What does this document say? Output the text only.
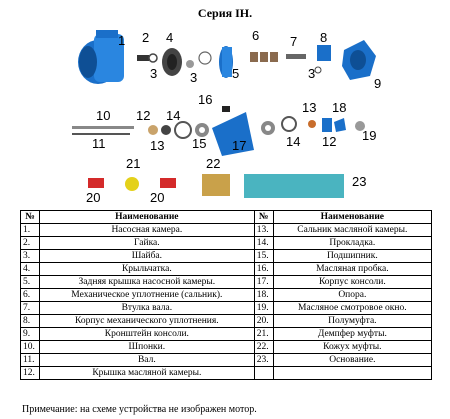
Серия IH.
1 2
3
4
3	5
6 7 8
3
9
10
11
12
13
14
15
16
17	14
13 18
12 19
21	22
20	20
23
№	Наименование	№	Наименование
1.	Насосная камера.	13.	Сальник масляной камеры.
2.	Гайка.	14.	Прокладка.
3.	Шайба.	15.	Подшипник.
4.	Крыльчатка.	16.	Масляная пробка.
5.	Задняя крышка насосной камеры.	17.	Корпус консоли.
6.	Механическое уплотнение (сальник).	18.	Опора.
7.	Втулка вала.	19.	Масляное смотровое окно.
8.	Корпус механического уплотнения.	20.	Полумуфта.
9.	Кронштейн консоли.	21.	Демпфер муфты.
10.	Шпонки.	22.	Кожух муфты.
11.	Вал.	23.	Основание.
12.	Крышка масляной камеры.		
Примечание: на схеме устройства не изображен мотор.
